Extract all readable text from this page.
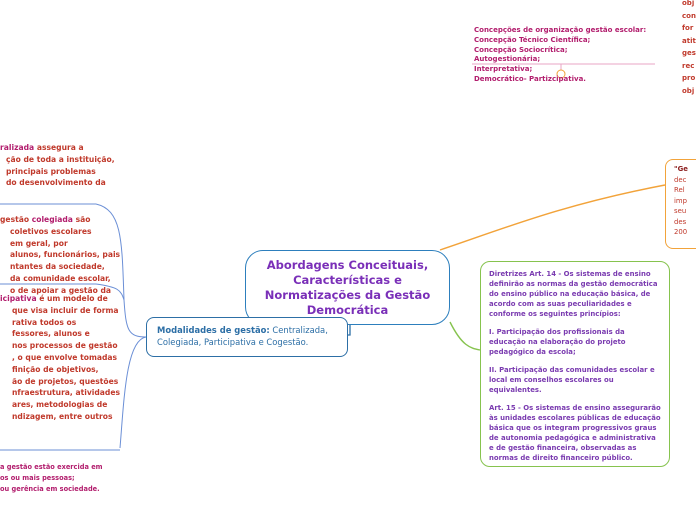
Abordagens Conceituais, Características e Normatizações da Gestão Democrática
Modalidades de gestão: Centralizada, Colegiada, Participativa e Cogestão.
Concepções de organização gestão escolar:
Concepção Técnico Científica;
Concepção Sociocrítica;
Autogestionária;
Interpretativa;
Democrático- Partizcipativa.
obj
con
for
atit
ges
rec
pro
obj
"Ge
dec
Rel
imp
seu
des
200

Diretrizes Art. 14 - Os sistemas de ensino definirão as normas da gestão democrática do ensino público na educação básica, de acordo com as suas peculiaridades e conforme os seguintes princípios:

I. Participação dos profissionais da educação na elaboração do projeto pedagógico da escola;

II. Participação das comunidades escolar e local em conselhos escolares ou equivalentes.

Art. 15 - Os sistemas de ensino assegurarão às unidades escolares públicas de educação básica que os integram progressivos graus de autonomia pedagógica e administrativa e de gestão financeira, observadas as normas de direito financeiro público.

ralizada assegura a
ção de toda a instituição,
principais problemas
do desenvolvimento da
gestão colegiada são
coletivos escolares
em geral, por
alunos, funcionários, pais
ntantes da sociedade,
da comunidade escolar,
o de apoiar a gestão da
icipativa é um modelo de
que visa incluir de forma
rativa todos os
fessores, alunos e
nos processos de gestão
, o que envolve tomadas
finição de objetivos,
ão de projetos, questões
nfraestrutura, atividades
ares, metodologias de
ndizagem, entre outros
a gestão estão exercida em
os ou mais pessoas;
ou gerência em sociedade.
